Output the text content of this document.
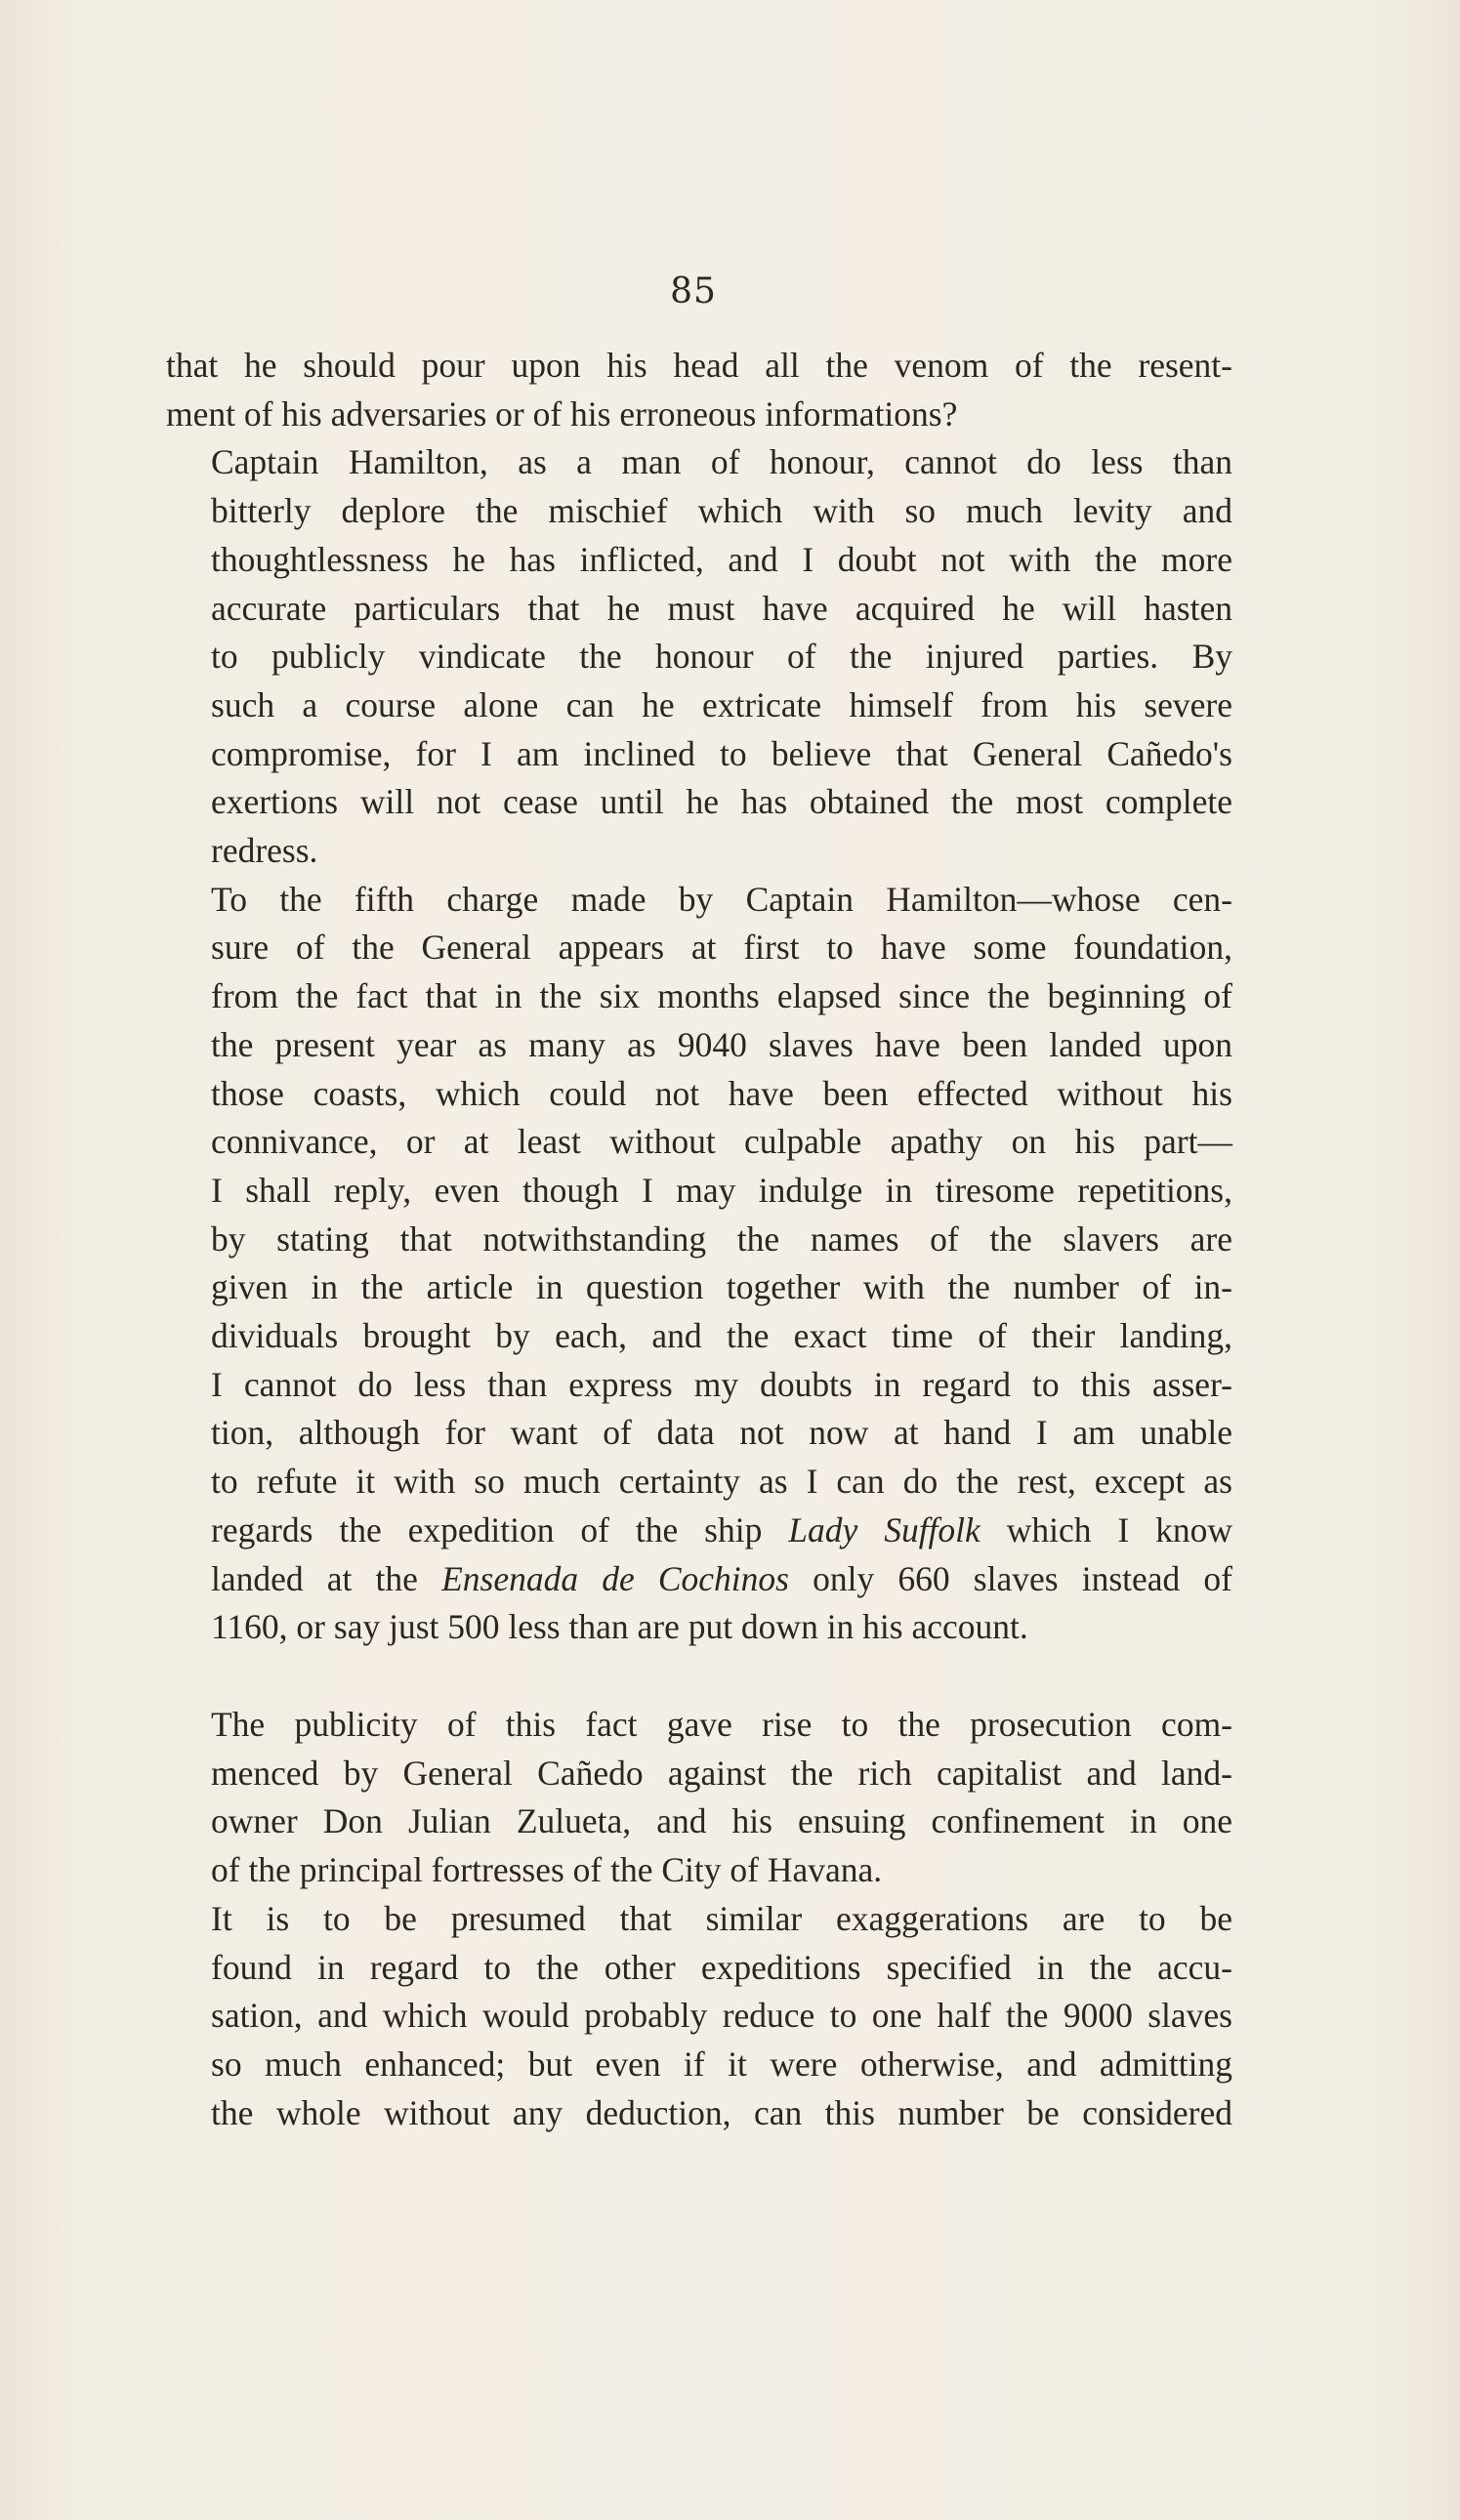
85

that he should pour upon his head all the venom of the resent-
ment of his adversaries or of his erroneous informations?

Captain Hamilton, as a man of honour, cannot do less than
bitterly deplore the mischief which with so much levity and
thoughtlessness he has inflicted, and I doubt not with the more
accurate particulars that he must have acquired he will hasten
to publicly vindicate the honour of the injured parties. By
such a course alone can he extricate himself from his severe
compromise, for I am inclined to believe that General Cañedo's
exertions will not cease until he has obtained the most complete
redress.

To the fifth charge made by Captain Hamilton—whose cen-
sure of the General appears at first to have some foundation,
from the fact that in the six months elapsed since the beginning of
the present year as many as 9040 slaves have been landed upon
those coasts, which could not have been effected without his
connivance, or at least without culpable apathy on his part—
I shall reply, even though I may indulge in tiresome repetitions,
by stating that notwithstanding the names of the slavers are
given in the article in question together with the number of in-
dividuals brought by each, and the exact time of their landing,
I cannot do less than express my doubts in regard to this asser-
tion, although for want of data not now at hand I am unable
to refute it with so much certainty as I can do the rest, except as
regards the expedition of the ship Lady Suffolk which I know
landed at the Ensenada de Cochinos only 660 slaves instead of
1160, or say just 500 less than are put down in his account.

The publicity of this fact gave rise to the prosecution com-
menced by General Cañedo against the rich capitalist and land-
owner Don Julian Zulueta, and his ensuing confinement in one
of the principal fortresses of the City of Havana.

It is to be presumed that similar exaggerations are to be
found in regard to the other expeditions specified in the accu-
sation, and which would probably reduce to one half the 9000 slaves
so much enhanced; but even if it were otherwise, and admitting
the whole without any deduction, can this number be considered
